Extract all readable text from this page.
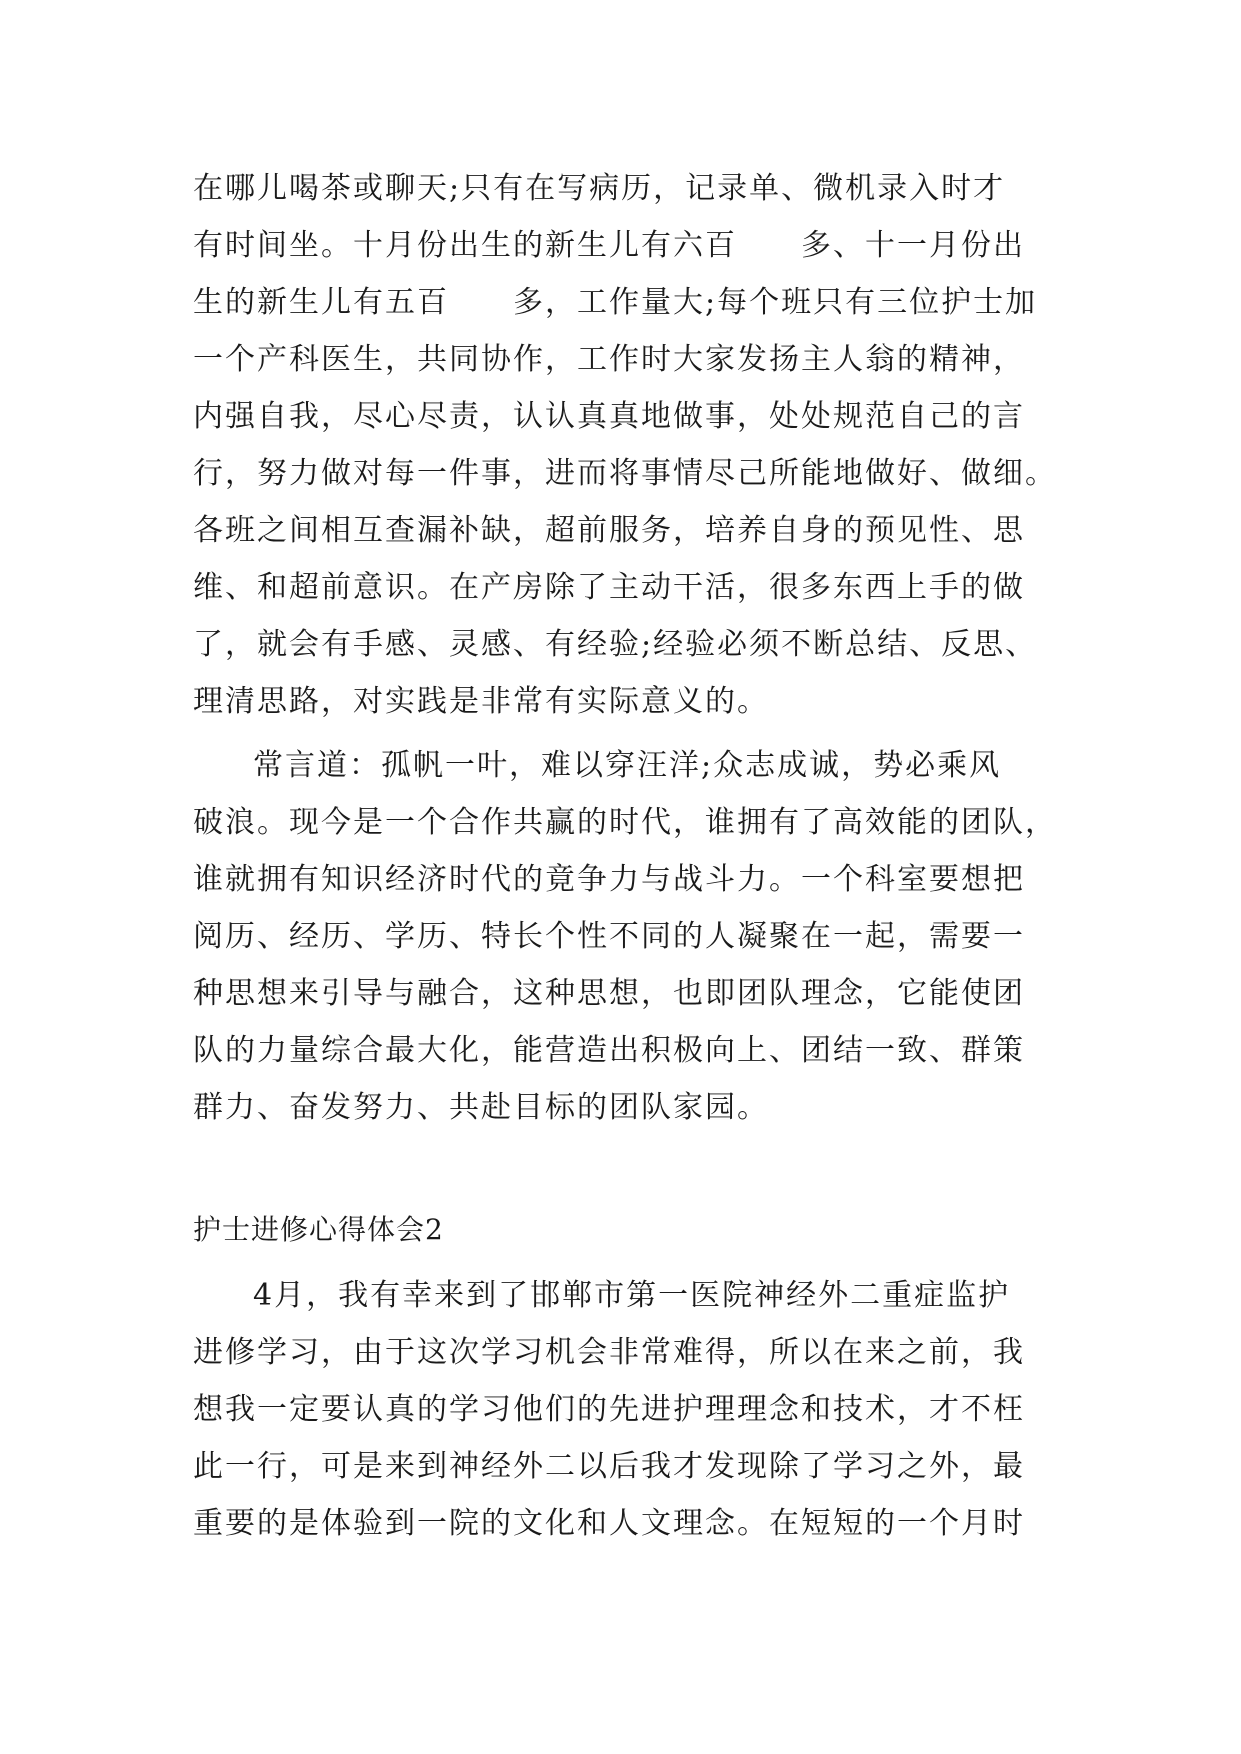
在哪儿喝茶或聊天;只有在写病历，记录单、微机录入时才
有时间坐。十月份出生的新生儿有六百　　多、十一月份出
生的新生儿有五百　　多，工作量大;每个班只有三位护士加
一个产科医生，共同协作，工作时大家发扬主人翁的精神，
内强自我，尽心尽责，认认真真地做事，处处规范自己的言
行，努力做对每一件事，进而将事情尽己所能地做好、做细。
各班之间相互查漏补缺，超前服务，培养自身的预见性、思
维、和超前意识。在产房除了主动干活，很多东西上手的做
了，就会有手感、灵感、有经验;经验必须不断总结、反思、
理清思路，对实践是非常有实际意义的。
常言道：孤帆一叶，难以穿汪洋;众志成诚，势必乘风
破浪。现今是一个合作共赢的时代，谁拥有了高效能的团队，
谁就拥有知识经济时代的竟争力与战斗力。一个科室要想把
阅历、经历、学历、特长个性不同的人凝聚在一起，需要一
种思想来引导与融合，这种思想，也即团队理念，它能使团
队的力量综合最大化，能营造出积极向上、团结一致、群策
群力、奋发努力、共赴目标的团队家园。
护士进修心得体会2
4月，我有幸来到了邯郸市第一医院神经外二重症监护
进修学习，由于这次学习机会非常难得，所以在来之前，我
想我一定要认真的学习他们的先进护理理念和技术，才不枉
此一行，可是来到神经外二以后我才发现除了学习之外，最
重要的是体验到一院的文化和人文理念。在短短的一个月时
